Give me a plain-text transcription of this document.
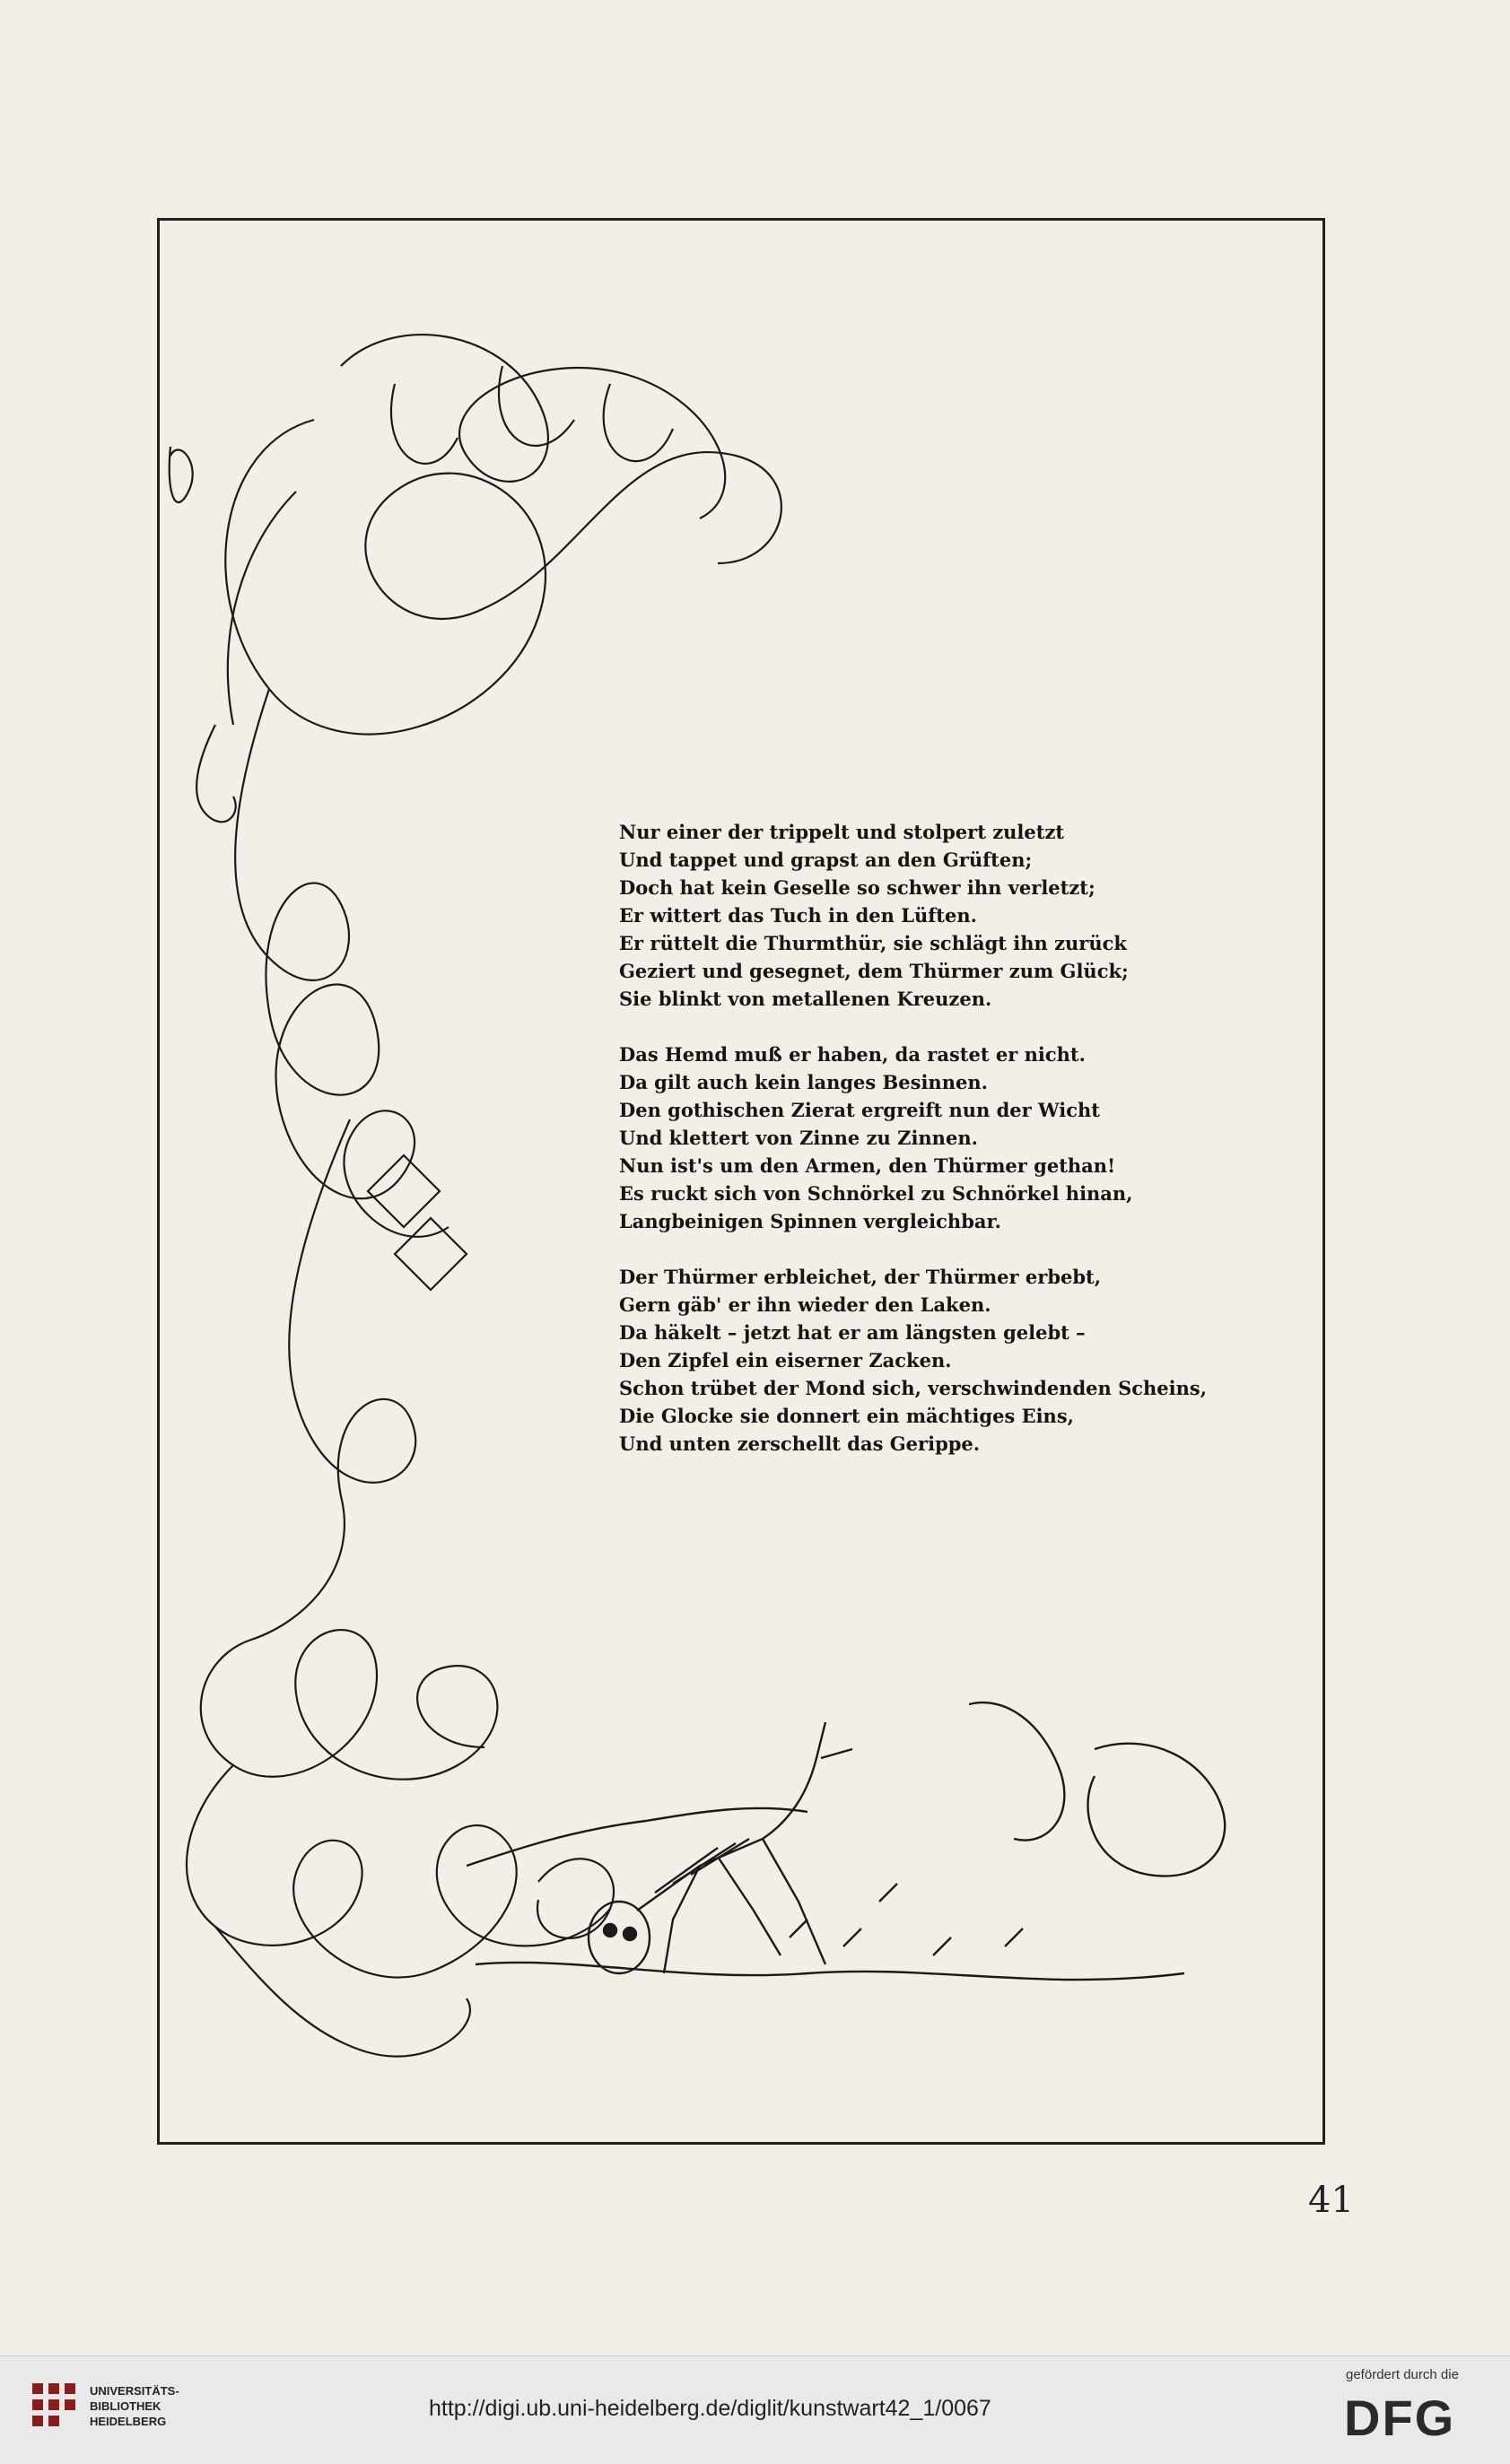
Nur einer der trippelt und stolpert zuletzt
Und tappet und grapst an den Grüften;
Doch hat kein Geselle so schwer ihn verletzt;
Er wittert das Tuch in den Lüften.
Er rüttelt die Thurmthür, sie schlägt ihn zurück
Geziert und gesegnet, dem Thürmer zum Glück;
Sie blinkt von metallenen Kreuzen.
Das Hemd muß er haben, da rastet er nicht.
Da gilt auch kein langes Besinnen.
Den gothischen Zierat ergreift nun der Wicht
Und klettert von Zinne zu Zinnen.
Nun ist's um den Armen, den Thürmer gethan!
Es ruckt sich von Schnörkel zu Schnörkel hinan,
Langbeinigen Spinnen vergleichbar.
Der Thürmer erbleichet, der Thürmer erbebt,
Gern gäb' er ihn wieder den Laken.
Da häkelt – jetzt hat er am längsten gelebt –
Den Zipfel ein eiserner Zacken.
Schon trübet der Mond sich, verschwindenden Scheins,
Die Glocke sie donnert ein mächtiges Eins,
Und unten zerschellt das Gerippe.
41
UNIVERSITÄTS-
BIBLIOTHEK
HEIDELBERG
http://digi.ub.uni-heidelberg.de/diglit/kunstwart42_1/0067
gefördert durch die
DFG
